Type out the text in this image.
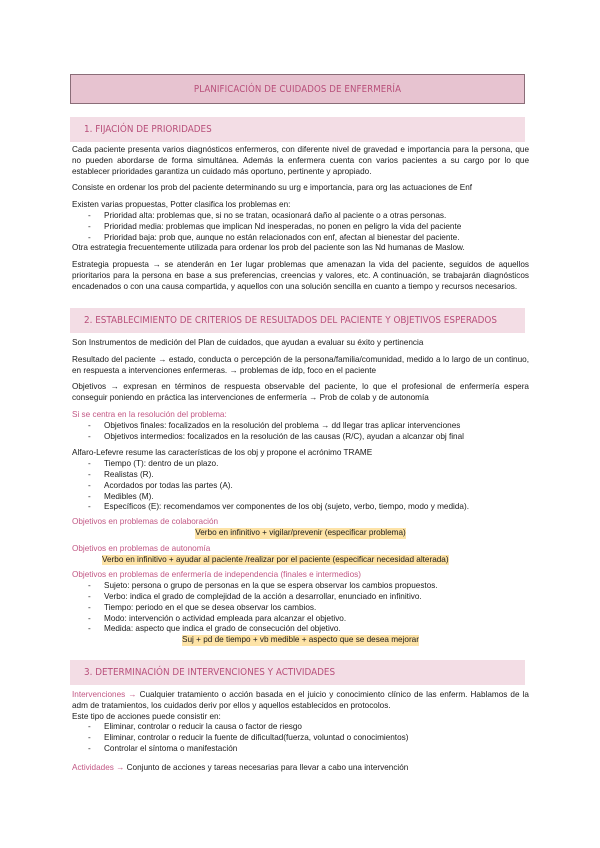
PLANIFICACIÓN DE CUIDADOS DE ENFERMERÍA
1. FIJACIÓN DE PRIORIDADES

Cada paciente presenta varios diagnósticos enfermeros, con diferente nivel de gravedad e importancia para la persona, que no pueden abordarse de forma simultánea. Además la enfermera cuenta con varios pacientes a su cargo por lo que establecer prioridades garantiza un cuidado más oportuno, pertinente y apropiado.

Consiste en ordenar los prob del paciente determinando su urg e importancia, para org las actuaciones de Enf

Existen varias propuestas, Potter clasifica los problemas en:

- Prioridad alta: problemas que, si no se tratan, ocasionará daño al paciente o a otras personas.
- Prioridad media: problemas que implican Nd inesperadas, no ponen en peligro la vida del paciente
- Prioridad baja: prob que, aunque no están relacionados con enf, afectan al bienestar del paciente.

Otra estrategia frecuentemente utilizada para ordenar los prob del paciente son las Nd humanas de Maslow.

Estrategia propuesta → se atenderán en 1er lugar problemas que amenazan la vida del paciente, seguidos de aquellos prioritarios para la persona en base a sus preferencias, creencias y valores, etc. A continuación, se trabajarán diagnósticos encadenados o con una causa compartida, y aquellos con una solución sencilla en cuanto a tiempo y recursos necesarios.

2. ESTABLECIMIENTO DE CRITERIOS DE RESULTADOS DEL PACIENTE Y OBJETIVOS ESPERADOS

Son Instrumentos de medición del Plan de cuidados, que ayudan a evaluar su éxito y pertinencia

Resultado del paciente → estado, conducta o percepción de la persona/familia/comunidad, medido a lo largo de un continuo, en respuesta a intervenciones enfermeras. → problemas de idp, foco en el paciente

Objetivos → expresan en términos de respuesta observable del paciente, lo que el profesional de enfermería espera conseguir poniendo en práctica las intervenciones de enfermería → Prob de colab y de autonomía

Si se centra en la resolución del problema:

- Objetivos finales: focalizados en la resolución del problema → dd llegar tras aplicar intervenciones
- Objetivos intermedios: focalizados en la resolución de las causas (R/C), ayudan a alcanzar obj final

Alfaro-Lefevre resume las características de los obj y propone el acrónimo TRAME

- Tiempo (T): dentro de un plazo.
- Realistas (R).
- Acordados por todas las partes (A).
- Medibles (M).
- Específicos (E): recomendamos ver componentes de los obj (sujeto, verbo, tiempo, modo y medida).

Objetivos en problemas de colaboración

Verbo en infinitivo + vigilar/prevenir (especificar problema)

Objetivos en problemas de autonomía

Verbo en infinitivo + ayudar al paciente /realizar por el paciente (especificar necesidad alterada)

Objetivos en problemas de enfermería de independencia (finales e intermedios)

- Sujeto: persona o grupo de personas en la que se espera observar los cambios propuestos.
- Verbo: indica el grado de complejidad de la acción a desarrollar, enunciado en infinitivo.
- Tiempo: periodo en el que se desea observar los cambios.
- Modo: intervención o actividad empleada para alcanzar el objetivo.
- Medida: aspecto que indica el grado de consecución del objetivo.
Suj + pd de tiempo + vb medible + aspecto que se desea mejorar
3. DETERMINACIÓN DE INTERVENCIONES Y ACTIVIDADES

Intervenciones → Cualquier tratamiento o acción basada en el juicio y conocimiento clínico de las enferm. Hablamos de la adm de tratamientos, los cuidados deriv por ellos y aquellos establecidos en protocolos.

Este tipo de acciones puede consistir en:

- Eliminar, controlar o reducir la causa o factor de riesgo
- Eliminar, controlar o reducir la fuente de dificultad(fuerza, voluntad o conocimientos)
- Controlar el síntoma o manifestación

Actividades → Conjunto de acciones y tareas necesarias para llevar a cabo una intervención
